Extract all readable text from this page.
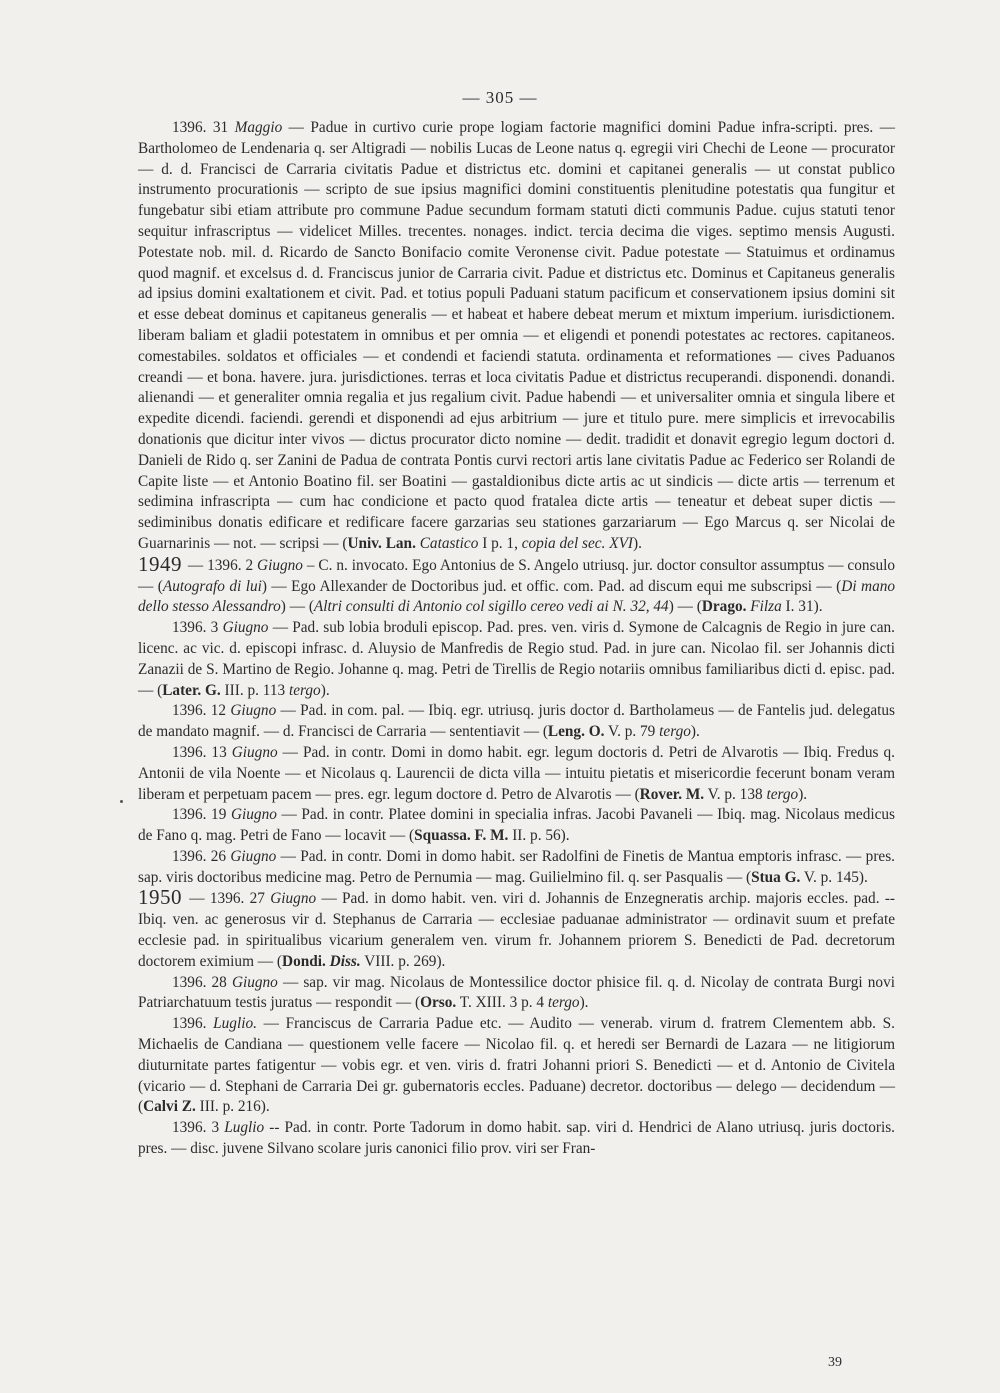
— 305 —

1396. 31 Maggio — Padue in curtivo curie prope logiam factorie magnifici domini Padue infra-scripti. pres. — Bartholomeo de Lendenaria q. ser Altigradi — nobilis Lucas de Leone natus q. egregii viri Chechi de Leone — procurator — d. d. Francisci de Carraria civitatis Padue et districtus etc. domini et capitanei generalis — ut constat publico instrumento procurationis — scripto de sue ipsius magnifici domini constituentis plenitudine potestatis qua fungitur et fungebatur sibi etiam attribute pro commune Padue secundum formam statuti dicti communis Padue. cujus statuti tenor sequitur infrascriptus — videlicet Milles. trecentes. nonages. indict. tercia decima die viges. septimo mensis Augusti. Potestate nob. mil. d. Ricardo de Sancto Bonifacio comite Veronense civit. Padue potestate — Statuimus et ordinamus quod magnif. et excelsus d. d. Franciscus junior de Carraria civit. Padue et districtus etc. Dominus et Capitaneus generalis ad ipsius domini exaltationem et civit. Pad. et totius populi Paduani statum pacificum et conservationem ipsius domini sit et esse debeat dominus et capitaneus generalis — et habeat et habere debeat merum et mixtum imperium. iurisdictionem. liberam baliam et gladii potestatem in omnibus et per omnia — et eligendi et ponendi potestates ac rectores. capitaneos. comestabiles. soldatos et officiales — et condendi et faciendi statuta. ordinamenta et reformationes — cives Paduanos creandi — et bona. havere. jura. jurisdictiones. terras et loca civitatis Padue et districtus recuperandi. disponendi. donandi. alienandi — et generaliter omnia regalia et jus regalium civit. Padue habendi — et universaliter omnia et singula libere et expedite dicendi. faciendi. gerendi et disponendi ad ejus arbitrium — jure et titulo pure. mere simplicis et irrevocabilis donationis que dicitur inter vivos — dictus procurator dicto nomine — dedit. tradidit et donavit egregio legum doctori d. Danieli de Rido q. ser Zanini de Padua de contrata Pontis curvi rectori artis lane civitatis Padue ac Federico ser Rolandi de Capite liste — et Antonio Boatino fil. ser Boatini — gastaldionibus dicte artis ac ut sindicis — dicte artis — terrenum et sedimina infrascripta — cum hac condicione et pacto quod fratalea dicte artis — teneatur et debeat super dictis — sediminibus donatis edificare et redificare facere garzarias seu stationes garzariarum — Ego Marcus q. ser Nicolai de Guarnarinis — not. — scripsi — (Univ. Lan. Catastico I p. 1, copia del sec. XVI).

1949 — 1396. 2 Giugno – C. n. invocato. Ego Antonius de S. Angelo utriusq. jur. doctor consultor assumptus — consulo — (Autografo di lui) — Ego Allexander de Doctoribus jud. et offic. com. Pad. ad discum equi me subscripsi — (Di mano dello stesso Alessandro) — (Altri consulti di Antonio col sigillo cereo vedi ai N. 32, 44) — (Drago. Filza I. 31).

1396. 3 Giugno — Pad. sub lobia broduli episcop. Pad. pres. ven. viris d. Symone de Calcagnis de Regio in jure can. licenc. ac vic. d. episcopi infrasc. d. Aluysio de Manfredis de Regio stud. Pad. in jure can. Nicolao fil. ser Johannis dicti Zanazii de S. Martino de Regio. Johanne q. mag. Petri de Tirellis de Regio notariis omnibus familiaribus dicti d. episc. pad. — (Later. G. III. p. 113 tergo).

1396. 12 Giugno — Pad. in com. pal. — Ibiq. egr. utriusq. juris doctor d. Bartholameus — de Fantelis jud. delegatus de mandato magnif. — d. Francisci de Carraria — sententiavit — (Leng. O. V. p. 79 tergo).

1396. 13 Giugno — Pad. in contr. Domi in domo habit. egr. legum doctoris d. Petri de Alvarotis — Ibiq. Fredus q. Antonii de vila Noente — et Nicolaus q. Laurencii de dicta villa — intuitu pietatis et misericordie fecerunt bonam veram liberam et perpetuam pacem — pres. egr. legum doctore d. Petro de Alvarotis — (Rover. M. V. p. 138 tergo).

1396. 19 Giugno — Pad. in contr. Platee domini in specialia infras. Jacobi Pavaneli — Ibiq. mag. Nicolaus medicus de Fano q. mag. Petri de Fano — locavit — (Squassa. F. M. II. p. 56).

1396. 26 Giugno — Pad. in contr. Domi in domo habit. ser Radolfini de Finetis de Mantua emptoris infrasc. — pres. sap. viris doctoribus medicine mag. Petro de Pernumia — mag. Guilielmino fil. q. ser Pasqualis — (Stua G. V. p. 145).

1950 — 1396. 27 Giugno — Pad. in domo habit. ven. viri d. Johannis de Enzegneratis archip. majoris eccles. pad. -- Ibiq. ven. ac generosus vir d. Stephanus de Carraria — ecclesiae paduanae administrator — ordinavit suum et prefate ecclesie pad. in spiritualibus vicarium generalem ven. virum fr. Johannem priorem S. Benedicti de Pad. decretorum doctorem eximium — (Dondi. Diss. VIII. p. 269).

1396. 28 Giugno — sap. vir mag. Nicolaus de Montessilice doctor phisice fil. q. d. Nicolay de contrata Burgi novi Patriarchatuum testis juratus — respondit — (Orso. T. XIII. 3 p. 4 tergo).

1396. Luglio. — Franciscus de Carraria Padue etc. — Audito — venerab. virum d. fratrem Clementem abb. S. Michaelis de Candiana — questionem velle facere — Nicolao fil. q. et heredi ser Bernardi de Lazara — ne litigiorum diuturnitate partes fatigentur — vobis egr. et ven. viris d. fratri Johanni priori S. Benedicti — et d. Antonio de Civitela (vicario — d. Stephani de Carraria Dei gr. gubernatoris eccles. Paduane) decretor. doctoribus — delego — decidendum — (Calvi Z. III. p. 216).

1396. 3 Luglio -- Pad. in contr. Porte Tadorum in domo habit. sap. viri d. Hendrici de Alano utriusq. juris doctoris. pres. — disc. juvene Silvano scolare juris canonici filio prov. viri ser Fran-

39
